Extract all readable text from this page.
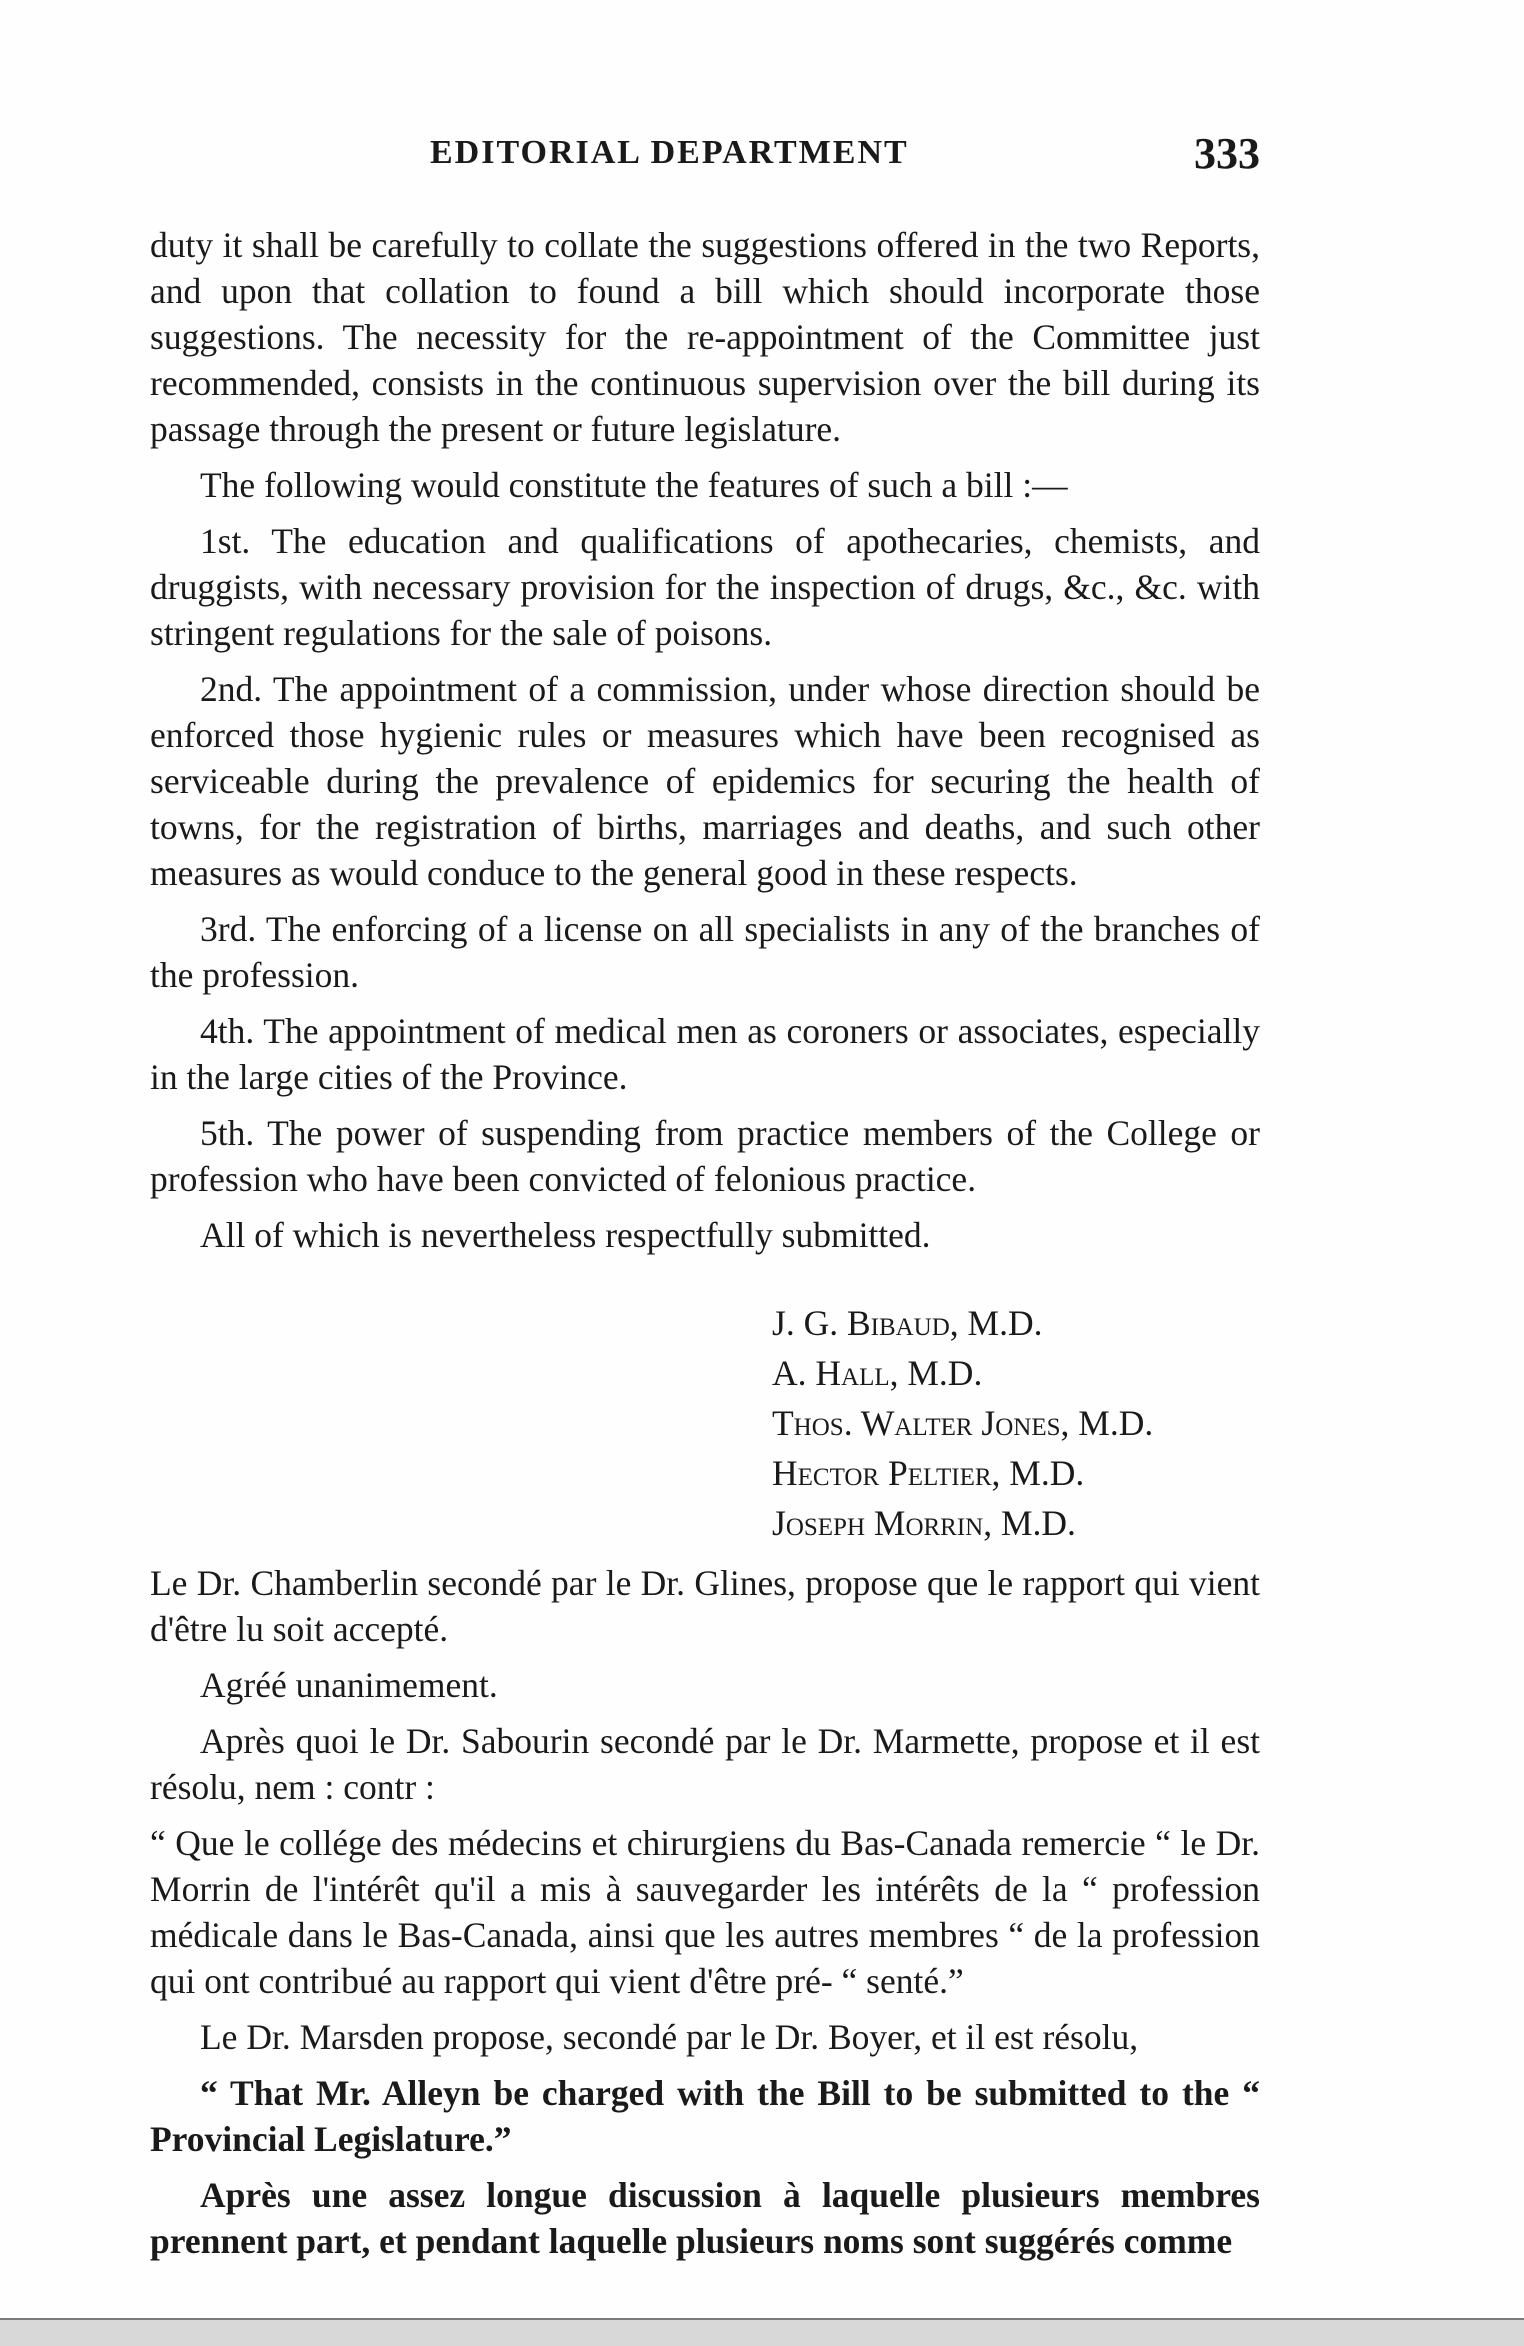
EDITORIAL DEPARTMENT	333

duty it shall be carefully to collate the suggestions offered in the two Reports, and upon that collation to found a bill which should incorporate those suggestions. The necessity for the re-appointment of the Committee just recommended, consists in the continuous supervision over the bill during its passage through the present or future legislature.

The following would constitute the features of such a bill :—

1st. The education and qualifications of apothecaries, chemists, and druggists, with necessary provision for the inspection of drugs, &c., &c. with stringent regulations for the sale of poisons.

2nd. The appointment of a commission, under whose direction should be enforced those hygienic rules or measures which have been recognised as serviceable during the prevalence of epidemics for securing the health of towns, for the registration of births, marriages and deaths, and such other measures as would conduce to the general good in these respects.

3rd. The enforcing of a license on all specialists in any of the branches of the profession.

4th. The appointment of medical men as coroners or associates, especially in the large cities of the Province.

5th. The power of suspending from practice members of the College or profession who have been convicted of felonious practice.

All of which is nevertheless respectfully submitted.

J. G. Bibaud, M.D.
A. Hall, M.D.
Thos. Walter Jones, M.D.
Hector Peltier, M.D.
Joseph Morrin, M.D.

Le Dr. Chamberlin secondé par le Dr. Glines, propose que le rapport qui vient d'être lu soit accepté.

Agréé unanimement.

Après quoi le Dr. Sabourin secondé par le Dr. Marmette, propose et il est résolu, nem : contr :

“ Que le collége des médecins et chirurgiens du Bas-Canada remercie “ le Dr. Morrin de l'intérêt qu'il a mis à sauvegarder les intérêts de la “ profession médicale dans le Bas-Canada, ainsi que les autres membres “ de la profession qui ont contribué au rapport qui vient d'être pré- “ senté.”

Le Dr. Marsden propose, secondé par le Dr. Boyer, et il est résolu,

“ That Mr. Alleyn be charged with the Bill to be submitted to the “ Provincial Legislature.”

Après une assez longue discussion à laquelle plusieurs membres prennent part, et pendant laquelle plusieurs noms sont suggérés comme
